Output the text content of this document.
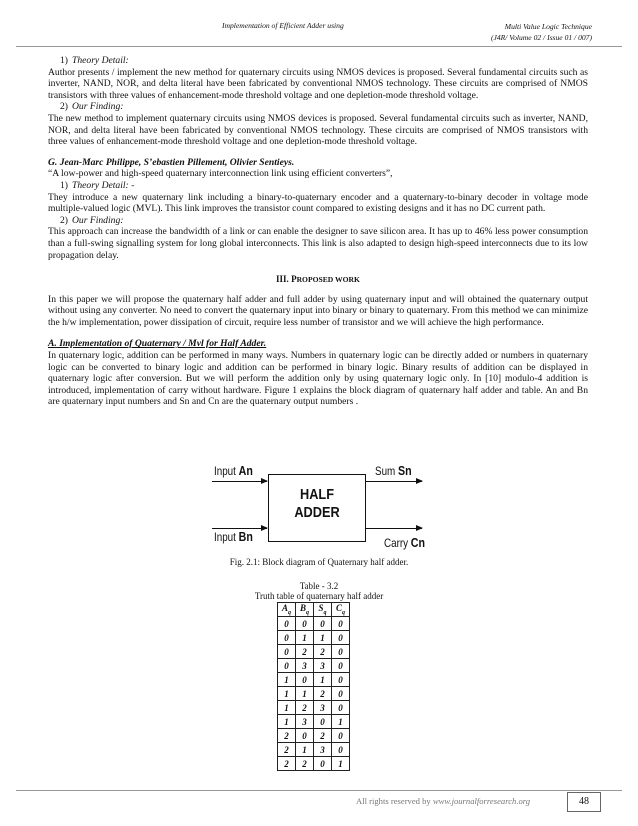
Implementation of Efficient Adder using	Multi Value Logic Technique
(J4R/ Volume 02 / Issue 01 / 007)

1) Theory Detail:

Author presents / implement the new method for quaternary circuits using NMOS devices is proposed. Several fundamental circuits such as inverter, NAND, NOR, and delta literal have been fabricated by conventional NMOS technology. These circuits are comprised of NMOS transistors with three values of enhancement-mode threshold voltage and one depletion-mode threshold voltage.

2) Our Finding:

The new method to implement quaternary circuits using NMOS devices is proposed. Several fundamental circuits such as inverter, NAND, NOR, and delta literal have been fabricated by conventional NMOS technology. These circuits are comprised of NMOS transistors with three values of enhancement-mode threshold voltage and one depletion-mode threshold voltage.

G. Jean-Marc Philippe, S’ebastien Pillement, Olivier Sentieys.

“A low-power and high-speed quaternary interconnection link using efficient converters”,

1) Theory Detail: -

They introduce a new quaternary link including a binary-to-quaternary encoder and a quaternary-to-binary decoder in voltage mode multiple-valued logic (MVL). This link improves the transistor count compared to existing designs and it has no DC current path.

2) Our Finding:

This approach can increase the bandwidth of a link or can enable the designer to save silicon area. It has up to 46% less power consumption than a full-swing signalling system for long global interconnects. This link is also adapted to design high-speed interconnects due to its low propagation delay.

III. PROPOSED WORK

In this paper we will propose the quaternary half adder and full adder by using quaternary input and will obtained the quaternary output without using any converter. No need to convert the quaternary input into binary or binary to quaternary. From this method we can minimize the h/w implementation, power dissipation of circuit, require less number of transistor and we will achieve the high performance.

A. Implementation of Quaternary / Mvl for Half Adder.

In quaternary logic, addition can be performed in many ways. Numbers in quaternary logic can be directly added or numbers in quaternary logic can be converted to binary logic and addition can be performed in binary logic. Binary results of addition can be displayed in quaternary logic after conversion. But we will perform the addition only by using quaternary logic only. In [10] modulo-4 addition is introduced, implementation of carry without hardware. Figure 1 explains the block diagram of quaternary half adder and table. An and Bn are quaternary input numbers and Sn and Cn are the quaternary output numbers .

Input An	Sum Sn
Input Bn	Carry Cn
HALF
ADDER
Fig. 2.1: Block diagram of Quaternary half adder.
Table - 3.2
Truth table of quaternary half adder
$A_q$	$B_q$	$S_q$	$C_q$
0	0	0	0
0	1	1	0
0	2	2	0
0	3	3	0
1	0	1	0
1	1	2	0
1	2	3	0
1	3	0	1
2	0	2	0
2	1	3	0
2	2	0	1
All rights reserved by www.journalforresearch.org	48
